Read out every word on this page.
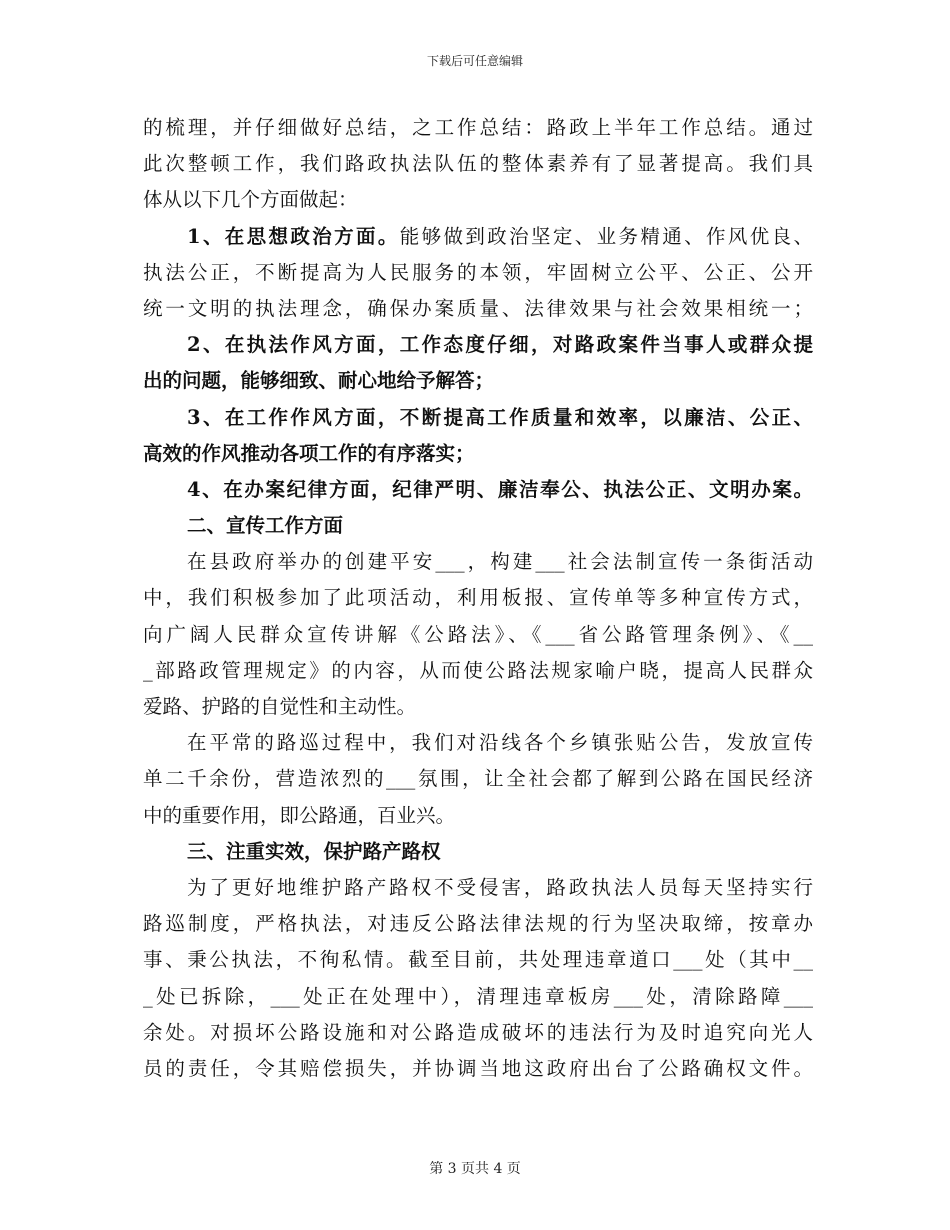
下载后可任意编辑
的梳理，并仔细做好总结，之工作总结：路政上半年工作总结。通过
此次整顿工作，我们路政执法队伍的整体素养有了显著提高。我们具
体从以下几个方面做起：
1、在思想政治方面。能够做到政治坚定、业务精通、作风优良、
执法公正，不断提高为人民服务的本领，牢固树立公平、公正、公开
统一文明的执法理念，确保办案质量、法律效果与社会效果相统一；
2、在执法作风方面，工作态度仔细，对路政案件当事人或群众提
出的问题，能够细致、耐心地给予解答；
3、在工作作风方面，不断提高工作质量和效率，以廉洁、公正、
高效的作风推动各项工作的有序落实；
4、在办案纪律方面，纪律严明、廉洁奉公、执法公正、文明办案。
二、宣传工作方面
在县政府举办的创建平安___，构建___社会法制宣传一条街活动
中，我们积极参加了此项活动，利用板报、宣传单等多种宣传方式，
向广阔人民群众宣传讲解《公路法》、《___省公路管理条例》、《__
_部路政管理规定》的内容，从而使公路法规家喻户晓，提高人民群众
爱路、护路的自觉性和主动性。
在平常的路巡过程中，我们对沿线各个乡镇张贴公告，发放宣传
单二千余份，营造浓烈的___氛围，让全社会都了解到公路在国民经济
中的重要作用，即公路通，百业兴。
三、注重实效，保护路产路权
为了更好地维护路产路权不受侵害，路政执法人员每天坚持实行
路巡制度，严格执法，对违反公路法律法规的行为坚决取缔，按章办
事、秉公执法，不徇私情。截至目前，共处理违章道口___处（其中__
_处已拆除，___处正在处理中），清理违章板房___处，清除路障___
余处。对损坏公路设施和对公路造成破坏的违法行为及时追究向光人
员的责任，令其赔偿损失，并协调当地这政府出台了公路确权文件。
第 3 页共 4 页
